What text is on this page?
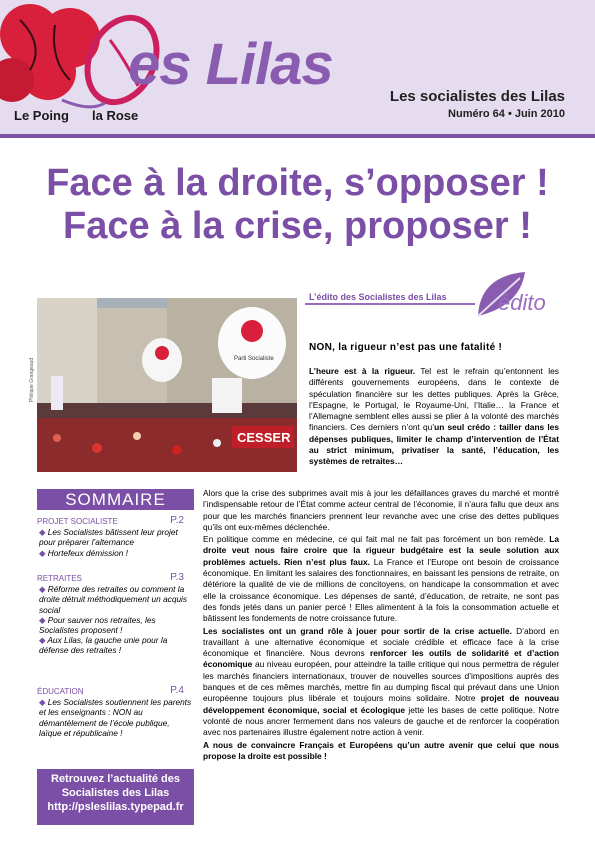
es Lilas
Le Poing la Rose
Les socialistes des Lilas
Numéro 64 • Juin 2010
Face à la droite, s’opposer !
Face à la crise, proposer !
Parti Socialiste
CESSER
Philippe Grangeaud
L’édito des Socialistes des Lilas édito
NON, la rigueur n’est pas une fatalité !
L’heure est à la rigueur. Tel est le refrain qu’entonnent les différents gouvernements européens, dans le contexte de spéculation financière sur les dettes publiques. Après la Grèce, l’Espagne, le Portugal, le Royaume-Uni, l’Italie… la France et l’Allemagne semblent elles aussi se plier à la volonté des marchés financiers. Ces derniers n’ont qu’un seul crédo : tailler dans les dépenses publiques, limiter le champ d’intervention de l’État au strict minimum, privatiser la santé, l’éducation, les systèmes de retraites…

Alors que la crise des subprimes avait mis à jour les défaillances graves du marché et montré l’indispensable retour de l’État comme acteur central de l’économie, il n’aura fallu que deux ans pour que les marchés financiers prennent leur revanche avec une crise des dettes publiques qu’ils ont eux-mêmes déclenchée.

En politique comme en médecine, ce qui fait mal ne fait pas forcément un bon remède. La droite veut nous faire croire que la rigueur budgétaire est la seule solution aux problèmes actuels. Rien n’est plus faux. La France et l’Europe ont besoin de croissance économique. En limitant les salaires des fonctionnaires, en baissant les pensions de retraite, on détériore la qualité de vie de millions de concitoyens, on handicape la consommation et avec elle la croissance économique. Les dépenses de santé, d’éducation, de retraite, ne sont pas des fonds jetés dans un panier percé ! Elles alimentent à la fois la consommation actuelle et bâtissent les fondements de notre croissance future.

Les socialistes ont un grand rôle à jouer pour sortir de la crise actuelle. D’abord en travaillant à une alternative économique et sociale crédible et efficace face à la crise économique et financière. Nous devrons renforcer les outils de solidarité et d’action économique au niveau européen, pour atteindre la taille critique qui nous permettra de réguler les marchés financiers internationaux, trouver de nouvelles sources d’impositions auprès des banques et de ces mêmes marchés, mettre fin au dumping fiscal qui prévaut dans une Union européenne toujours plus libérale et toujours moins solidaire. Notre projet de nouveau développement économique, social et écologique jette les bases de cette politique. Notre volonté de nous ancrer fermement dans nos valeurs de gauche et de renforcer la coopération avec nos partenaires illustre également notre action à venir.

A nous de convaincre Français et Européens qu’un autre avenir que celui que nous propose la droite est possible !

SOMMAIRE
PROJET SOCIALISTE	P.2
◆ Les Socialistes bâtissent leur projet pour préparer l’alternance
◆ Hortefeux démission !
RETRAITES	P.3
◆ Réforme des retraites ou comment la droite détruit méthodiquement un acquis social
◆ Pour sauver nos retraites, les Socialistes proposent !
◆ Aux Lilas, la gauche unie pour la défense des retraites !
ÉDUCATION	P.4
◆ Les Socialistes soutiennent les parents et les enseignants : NON au démantèlement de l’école publique, laïque et républicaine !
Retrouvez l’actualité des
Socialistes des Lilas
http://psleslilas.typepad.fr
